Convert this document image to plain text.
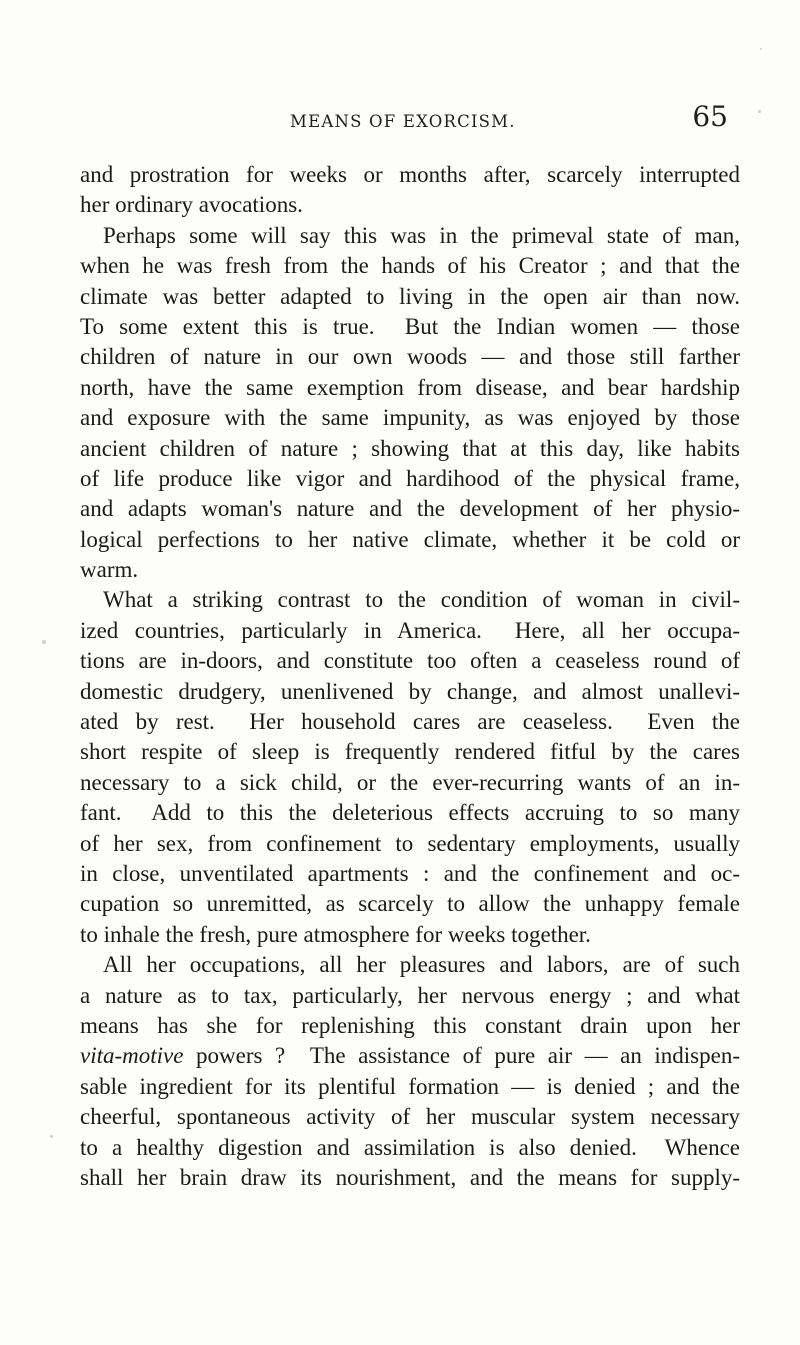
MEANS OF EXORCISM.	65
and prostration for weeks or months after, scarcely interrupted
her ordinary avocations.
Perhaps some will say this was in the primeval state of man,
when he was fresh from the hands of his Creator ; and that the
climate was better adapted to living in the open air than now.
To some extent this is true.  But the Indian women — those
children of nature in our own woods — and those still farther
north, have the same exemption from disease, and bear hardship
and exposure with the same impunity, as was enjoyed by those
ancient children of nature ; showing that at this day, like habits
of life produce like vigor and hardihood of the physical frame,
and adapts woman's nature and the development of her physio-
logical perfections to her native climate, whether it be cold or
warm.
What a striking contrast to the condition of woman in civil-
ized countries, particularly in America.  Here, all her occupa-
tions are in-doors, and constitute too often a ceaseless round of
domestic drudgery, unenlivened by change, and almost unallevi-
ated by rest.  Her household cares are ceaseless.  Even the
short respite of sleep is frequently rendered fitful by the cares
necessary to a sick child, or the ever-recurring wants of an in-
fant.  Add to this the deleterious effects accruing to so many
of her sex, from confinement to sedentary employments, usually
in close, unventilated apartments : and the confinement and oc-
cupation so unremitted, as scarcely to allow the unhappy female
to inhale the fresh, pure atmosphere for weeks together.
All her occupations, all her pleasures and labors, are of such
a nature as to tax, particularly, her nervous energy ; and what
means has she for replenishing this constant drain upon her
vita-motive powers ?  The assistance of pure air — an indispen-
sable ingredient for its plentiful formation — is denied ; and the
cheerful, spontaneous activity of her muscular system necessary
to a healthy digestion and assimilation is also denied.  Whence
shall her brain draw its nourishment, and the means for supply-
